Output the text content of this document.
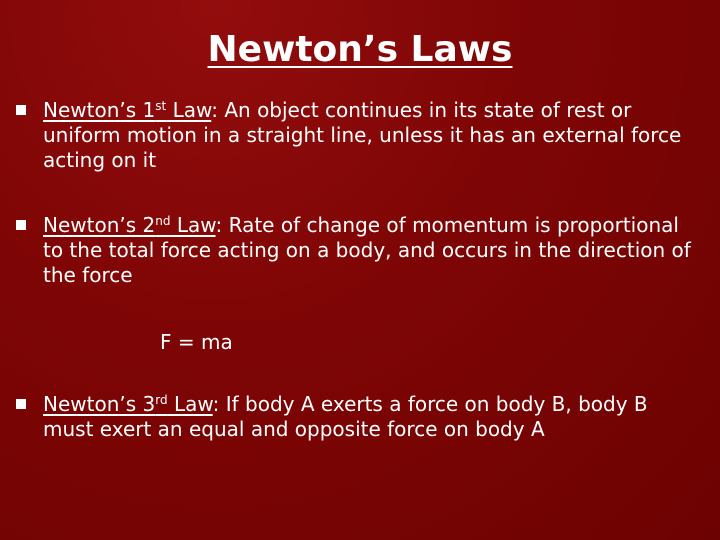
Newton’s Laws
Newton’s 1st Law: An object continues in its state of rest or uniform motion in a straight line, unless it has an external force acting on it
Newton’s 2nd Law: Rate of change of momentum is proportional to the total force acting on a body, and occurs in the direction of the force
F = ma
Newton’s 3rd Law: If body A exerts a force on body B, body B must exert an equal and opposite force on body A
